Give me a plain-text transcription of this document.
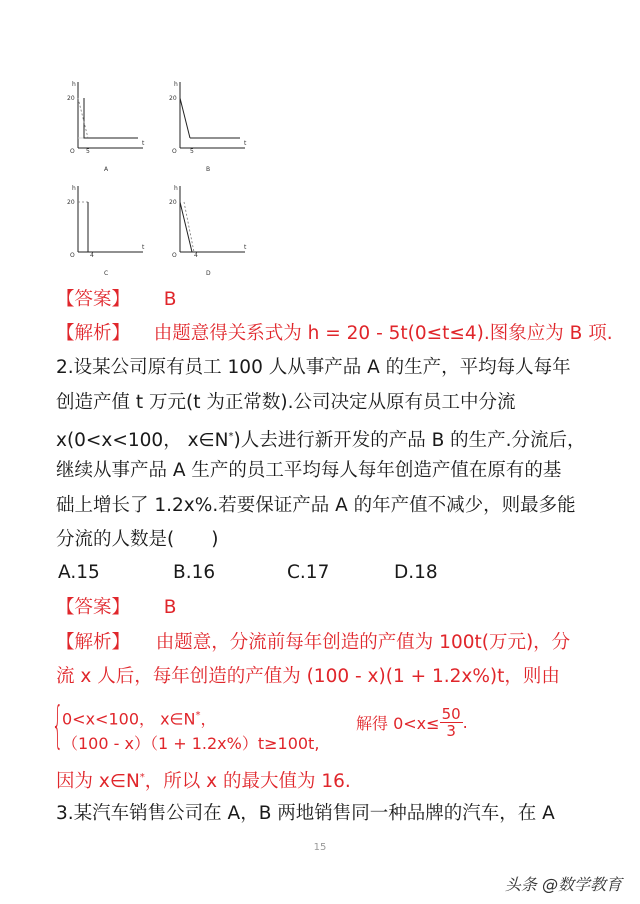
h
t
20
O 5
A
h
t
20
O 5
B
h
t
20
O	4
C
h
t
20
O	4
D
【答案】 B
【解析】 由题意得关系式为 h = 20 - 5t(0≤t≤4).图象应为 B 项.
2.设某公司原有员工 100 人从事产品 A 的生产，平均每人每年
创造产值 t 万元(t 为正常数).公司决定从原有员工中分流
x(0<x<100， x∈N*)人去进行新开发的产品 B 的生产.分流后，
继续从事产品 A 生产的员工平均每人每年创造产值在原有的基
础上增长了 1.2x%.若要保证产品 A 的年产值不减少，则最多能
分流的人数是(　　)
A.15	B.16	C.17	D.18
【答案】 B
【解析】 由题意，分流前每年创造的产值为 100t(万元)，分
流 x 人后，每年创造的产值为 (100 - x)(1 + 1.2x%)t，则由
{
0<x<100， x∈N*，
（100 - x）（1 + 1.2x%）t≥100t,
解得 $0<x\le \frac{50}{3}$ .
因为 x∈N*，所以 x 的最大值为 16.
3.某汽车销售公司在 A，B 两地销售同一种品牌的汽车，在 A
15
头条 @数学教育
